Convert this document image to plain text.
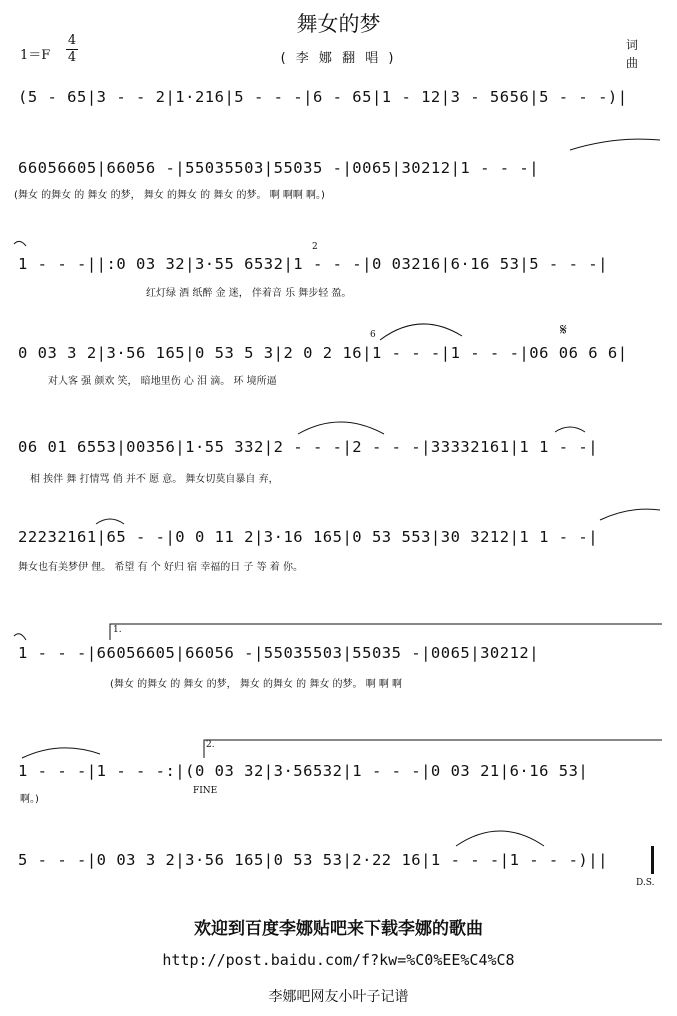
舞女的梦
( 李 娜 翻 唱 )
1＝F
4
4
词
曲
(5 - 65|3 - - 2|1·216|5 - - -|6 - 65|1 - 12|3 - 5656|5 - - -)|
66056605|66056 -|55035503|55035 -|0065|30212|1 - - -|
(舞女 的舞女 的 舞女 的梦， 舞女 的舞女 的 舞女 的梦。 啊 啊啊 啊。)
1 - - -||:0 03 32|3·55 6532|1 - - -|0 03216|6·16 53|5 - - -|
红灯绿 酒 纸醉 金 迷， 伴着音 乐 舞步轻 盈。
0 03 3 2|3·56 165|0 53 5 3|2 0 2 16|1 - - -|1 - - -|06 06 6 6|
对人客 强 颜欢 笑， 暗地里伤 心 泪 滴。 环 境所逼
06 01 6553|00356|1·55 332|2 - - -|2 - - -|33332161|1 1 - -|
相 挨伴 舞 打情骂 俏 并不 愿 意。 舞女切莫自暴自 弃，
22232161|65 - -|0 0 11 2|3·16 165|0 53 553|30 3212|1 1 - -|
舞女也有美梦伊 俚。 希望 有 个 好归 宿 幸福的日 子 等 着 你。
1 - - -|66056605|66056 -|55035503|55035 -|0065|30212|
(舞女 的舞女 的 舞女 的梦， 舞女 的舞女 的 舞女 的梦。 啊 啊 啊
1 - - -|1 - - -:|(0 03 32|3·56532|1 - - -|0 03 21|6·16 53|
啊。)
5 - - -|0 03 3 2|3·56 165|0 53 53|2·22 16|1 - - -|1 - - -)||
𝄋
FINE
D.S.
1.
2.
2
6
欢迎到百度李娜贴吧来下载李娜的歌曲
http://post.baidu.com/f?kw=%C0%EE%C4%C8
李娜吧网友小叶子记谱
